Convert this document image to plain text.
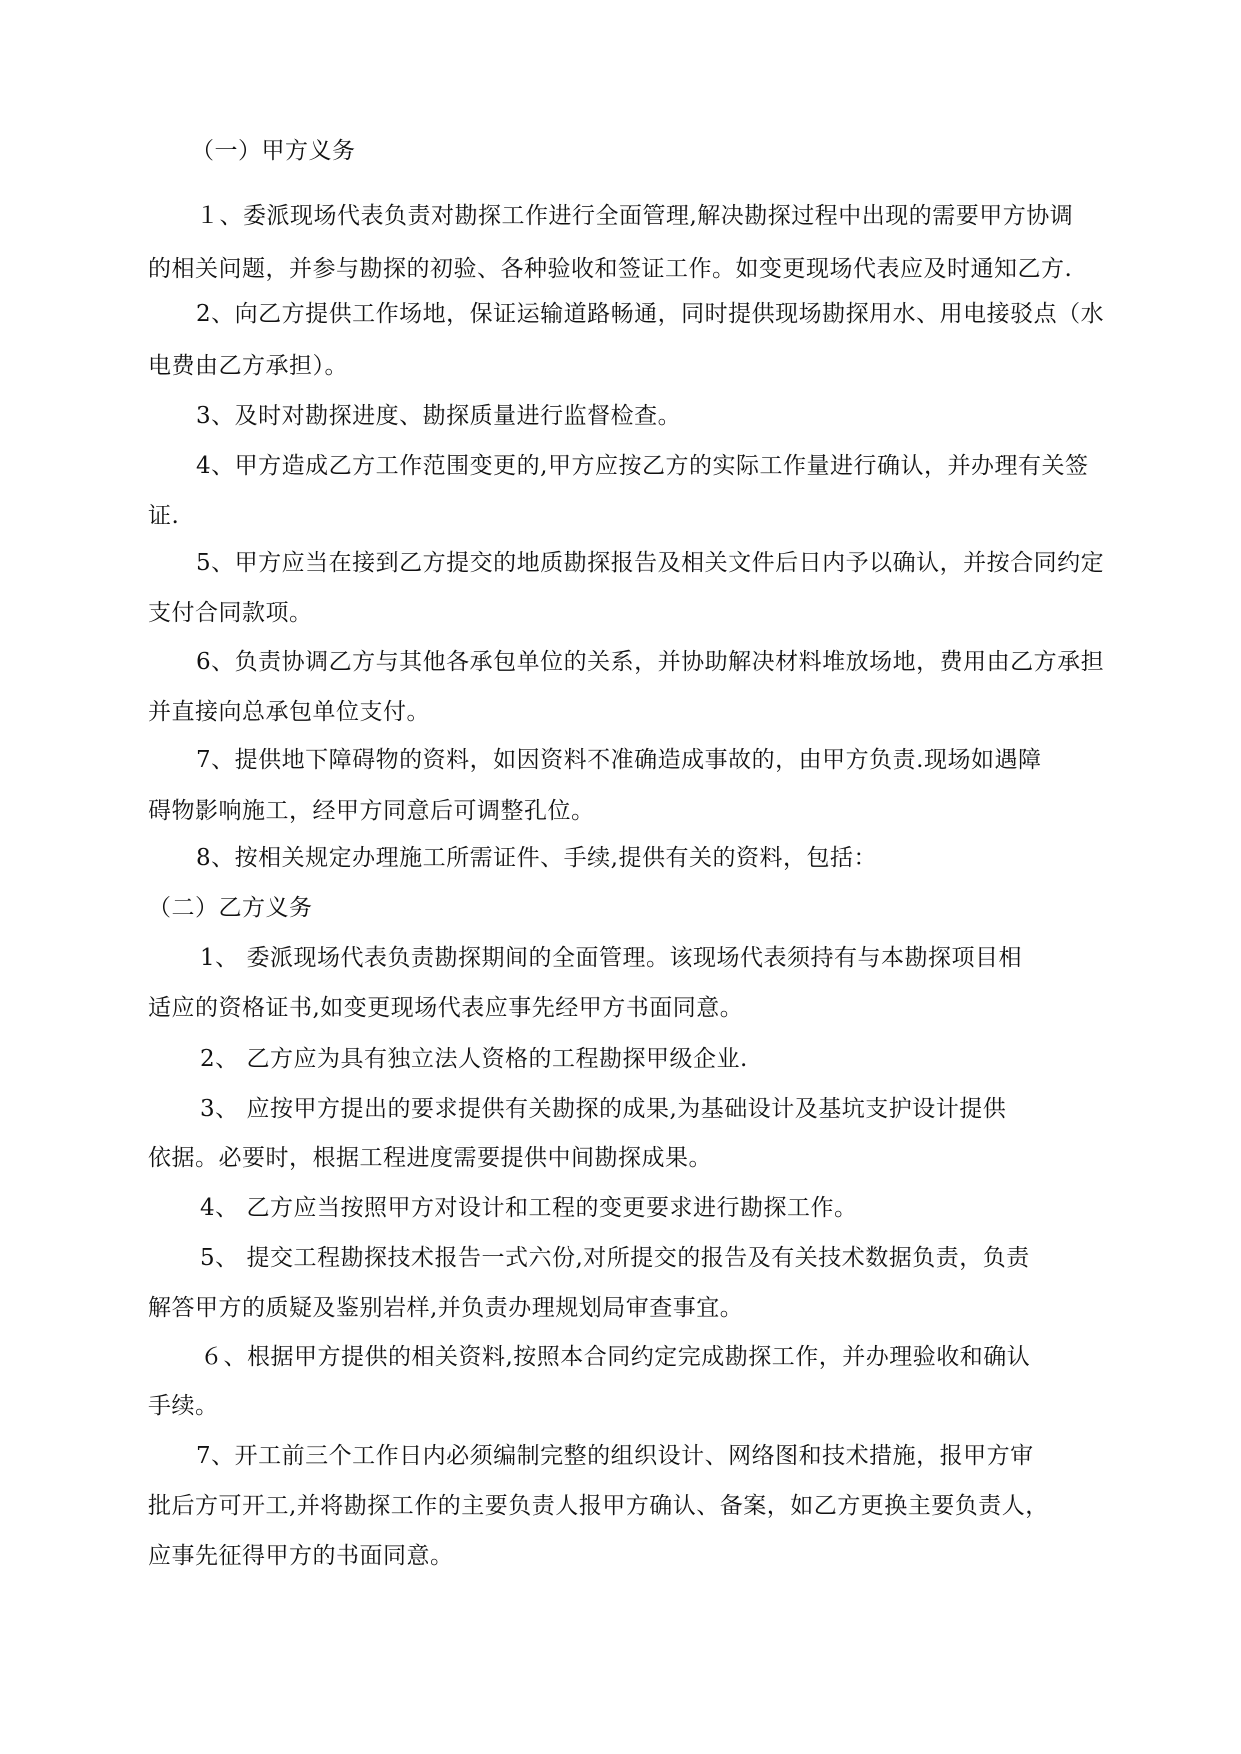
（一）甲方义务
１、委派现场代表负责对勘探工作进行全面管理,解决勘探过程中出现的需要甲方协调
的相关问题，并参与勘探的初验、各种验收和签证工作。如变更现场代表应及时通知乙方.
2、向乙方提供工作场地，保证运输道路畅通，同时提供现场勘探用水、用电接驳点（水
电费由乙方承担）。
3、及时对勘探进度、勘探质量进行监督检查。
4、甲方造成乙方工作范围变更的,甲方应按乙方的实际工作量进行确认，并办理有关签
证.
5、甲方应当在接到乙方提交的地质勘探报告及相关文件后日内予以确认，并按合同约定
支付合同款项。
6、负责协调乙方与其他各承包单位的关系，并协助解决材料堆放场地，费用由乙方承担
并直接向总承包单位支付。
7、提供地下障碍物的资料，如因资料不准确造成事故的，由甲方负责.现场如遇障
碍物影响施工，经甲方同意后可调整孔位。
8、按相关规定办理施工所需证件、手续,提供有关的资料，包括：
（二）乙方义务
1、 委派现场代表负责勘探期间的全面管理。该现场代表须持有与本勘探项目相
适应的资格证书,如变更现场代表应事先经甲方书面同意。
2、 乙方应为具有独立法人资格的工程勘探甲级企业.
3、 应按甲方提出的要求提供有关勘探的成果,为基础设计及基坑支护设计提供
依据。必要时，根据工程进度需要提供中间勘探成果。
4、 乙方应当按照甲方对设计和工程的变更要求进行勘探工作。
5、 提交工程勘探技术报告一式六份,对所提交的报告及有关技术数据负责，负责
解答甲方的质疑及鉴别岩样,并负责办理规划局审查事宜。
６、根据甲方提供的相关资料,按照本合同约定完成勘探工作，并办理验收和确认
手续。
7、开工前三个工作日内必须编制完整的组织设计、网络图和技术措施，报甲方审
批后方可开工,并将勘探工作的主要负责人报甲方确认、备案，如乙方更换主要负责人，
应事先征得甲方的书面同意。
